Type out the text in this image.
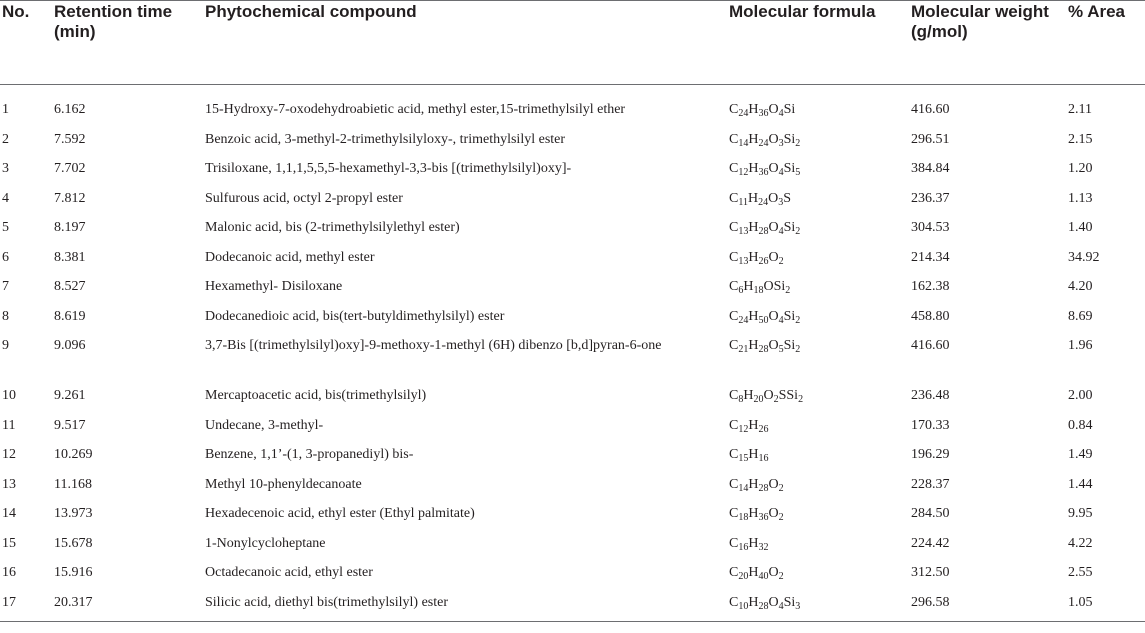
No.	Retention time (min)	Phytochemical compound	Molecular formula	Molecular weight (g/mol)	% Area
1	6.162	15-Hydroxy-7-oxodehydroabietic acid, methyl ester,15-trimethylsilyl ether	$C_{24}H_{36}O_4Si$	416.60	2.11
2	7.592	Benzoic acid, 3-methyl-2-trimethylsilyloxy-, trimethylsilyl ester	$C_{14}H_{24}O_3Si_2$	296.51	2.15
3	7.702	Trisiloxane, 1,1,1,5,5,5-hexamethyl-3,3-bis [(trimethylsilyl)oxy]-	$C_{12}H_{36}O_4Si_5$	384.84	1.20
4	7.812	Sulfurous acid, octyl 2-propyl ester	$C_{11}H_{24}O_3S$	236.37	1.13
5	8.197	Malonic acid, bis (2-trimethylsilylethyl ester)	$C_{13}H_{28}O_4Si_2$	304.53	1.40
6	8.381	Dodecanoic acid, methyl ester	$C_{13}H_{26}O_2$	214.34	34.92
7	8.527	Hexamethyl- Disiloxane	$C_6H_{18}OSi_2$	162.38	4.20
8	8.619	Dodecanedioic acid, bis(tert-butyldimethylsilyl) ester	$C_{24}H_{50}O_4Si_2$	458.80	8.69
9	9.096	3,7-Bis [(trimethylsilyl)oxy]-9-methoxy-1-methyl (6H) dibenzo [b,d]pyran-6-one	$C_{21}H_{28}O_5Si_2$	416.60	1.96
10	9.261	Mercaptoacetic acid, bis(trimethylsilyl)	$C_8H_{20}O_2SSi_2$	236.48	2.00
11	9.517	Undecane, 3-methyl-	$C_{12}H_{26}$	170.33	0.84
12	10.269	Benzene, 1,1’-(1, 3-propanediyl) bis-	$C_{15}H_{16}$	196.29	1.49
13	11.168	Methyl 10-phenyldecanoate	$C_{14}H_{28}O_2$	228.37	1.44
14	13.973	Hexadecenoic acid, ethyl ester (Ethyl palmitate)	$C_{18}H_{36}O_2$	284.50	9.95
15	15.678	1-Nonylcycloheptane	$C_{16}H_{32}$	224.42	4.22
16	15.916	Octadecanoic acid, ethyl ester	$C_{20}H_{40}O_2$	312.50	2.55
17	20.317	Silicic acid, diethyl bis(trimethylsilyl) ester	$C_{10}H_{28}O_4Si_3$	296.58	1.05
